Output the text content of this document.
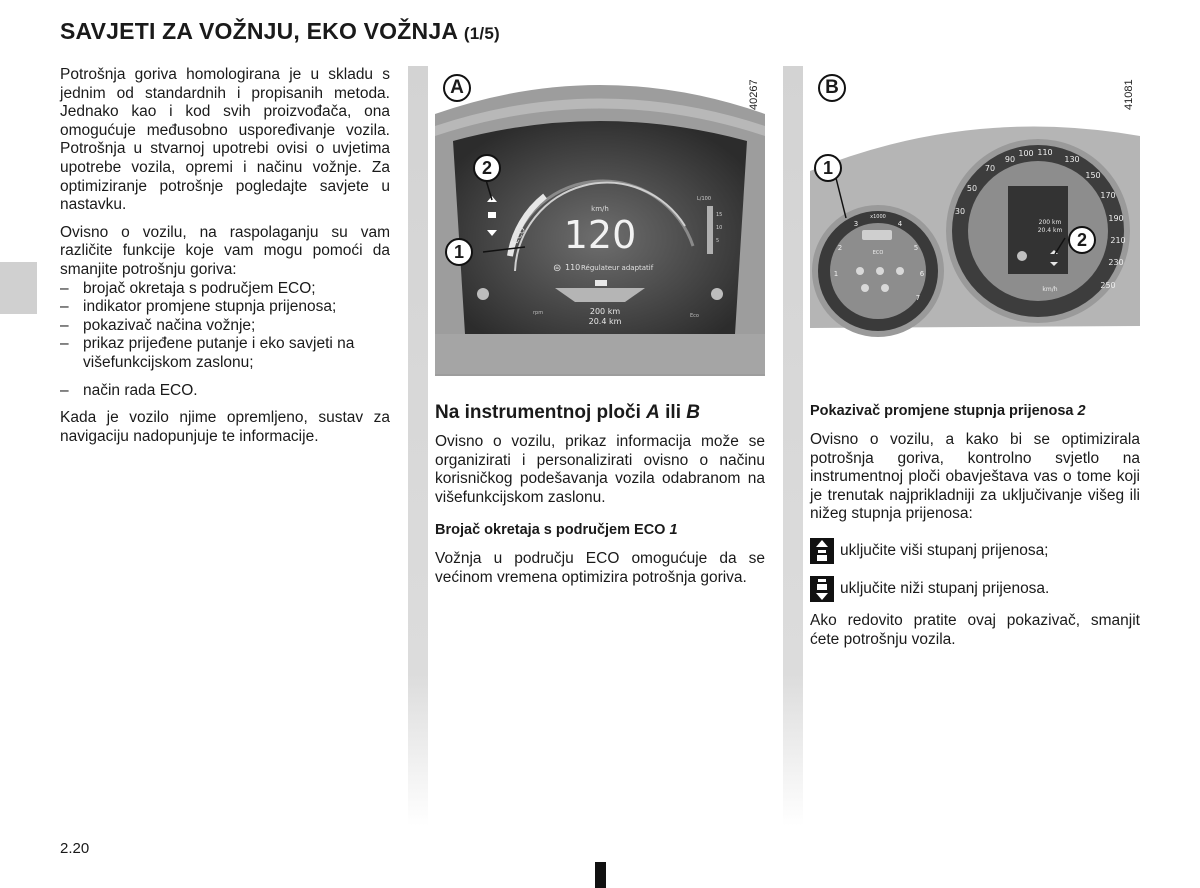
SAVJETI ZA VOŽNJU, EKO VOŽNJA (1/5)

Potrošnja goriva homologirana je u skladu s jednim od standardnih i propisanih metoda. Jednako kao i kod svih proizvođača, ona omogućuje međusobno uspoređivanje vozila. Potrošnja u stvarnoj upotrebi ovisi o uvjetima upotrebe vozila, opremi i načinu vožnje. Za optimiziranje potrošnje pogledajte savjete u nastavku.

Ovisno o vozilu, na raspolaganju su vam različite funkcije koje vam mogu pomoći da smanjite potrošnju goriva:

– brojač okretaja s područjem ECO;
– indikator promjene stupnja prijenosa;
– pokazivač načina vožnje;
– prikaz prijeđene putanje i eko savjeti na višefunkcijskom zaslonu;
– način rada ECO.

Kada je vozilo njime opremljeno, sustav za navigaciju nadopunjuje te informacije.

ECO
km/h
120
⊜ 110 Régulateur adaptatif
200 km
20.4 km
rpm	Eco
L/100
15
10
5
A	40267
2
1

Na instrumentnoj ploči A ili B

Ovisno o vozilu, prikaz informacija može se organizirati i personalizirati ovisno o načinu korisničkog podešavanja vozila odabranom na višefunkcijskom zaslonu.

Brojač okretaja s područjem ECO 1

Vožnja u području ECO omogućuje da se većinom vremena optimizira potrošnja goriva.

200 km
20.4 km
70
90
100 110
130
150
170
190
210
230
250
50
30
km/h
x1000
2
3	4
5
6
7
1
ECO
B	41081
1
2

Pokazivač promjene stupnja prijenosa 2

Ovisno o vozilu, a kako bi se optimizirala potrošnja goriva, kontrolno svjetlo na instrumentnoj ploči obavještava vas o tome koji je trenutak najprikladniji za uključivanje višeg ili nižeg stupnja prijenosa:

uključite viši stupanj prijenosa;
uključite niži stupanj prijenosa.

Ako redovito pratite ovaj pokazivač, smanjit ćete potrošnju vozila.

2.20
